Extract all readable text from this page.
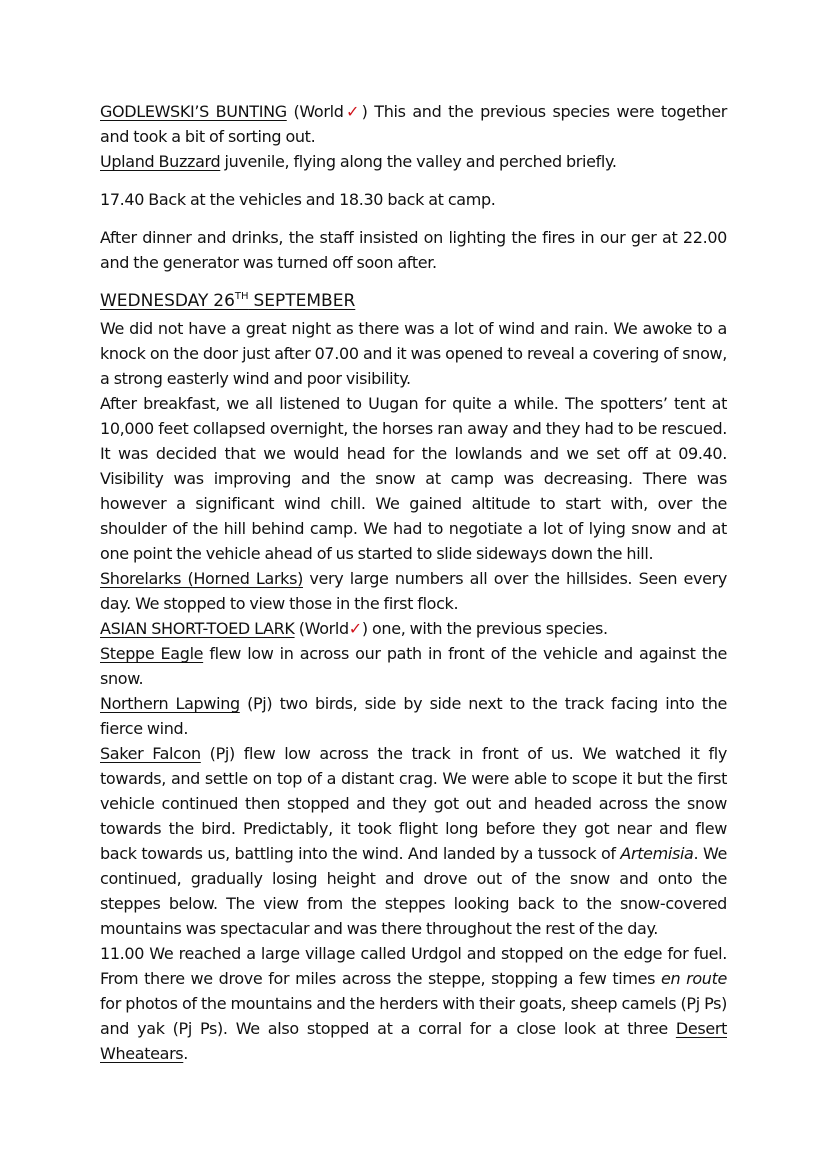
GODLEWSKI’S BUNTING (World✓) This and the previous species were together and took a bit of sorting out.

Upland Buzzard juvenile, flying along the valley and perched briefly.

17.40 Back at the vehicles and 18.30 back at camp.

After dinner and drinks, the staff insisted on lighting the fires in our ger at 22.00 and the generator was turned off soon after.

WEDNESDAY 26TH SEPTEMBER

We did not have a great night as there was a lot of wind and rain. We awoke to a knock on the door just after 07.00 and it was opened to reveal a covering of snow, a strong easterly wind and poor visibility.

After breakfast, we all listened to Uugan for quite a while. The spotters’ tent at 10,000 feet collapsed overnight, the horses ran away and they had to be rescued. It was decided that we would head for the lowlands and we set off at 09.40. Visibility was improving and the snow at camp was decreasing. There was however a significant wind chill. We gained altitude to start with, over the shoulder of the hill behind camp. We had to negotiate a lot of lying snow and at one point the vehicle ahead of us started to slide sideways down the hill.

Shorelarks (Horned Larks) very large numbers all over the hillsides. Seen every day. We stopped to view those in the first flock.

ASIAN SHORT-TOED LARK (World✓) one, with the previous species.

Steppe Eagle flew low in across our path in front of the vehicle and against the snow.

Northern Lapwing (Pj) two birds, side by side next to the track facing into the fierce wind.

Saker Falcon (Pj) flew low across the track in front of us. We watched it fly towards, and settle on top of a distant crag. We were able to scope it but the first vehicle continued then stopped and they got out and headed across the snow towards the bird. Predictably, it took flight long before they got near and flew back towards us, battling into the wind. And landed by a tussock of Artemisia. We continued, gradually losing height and drove out of the snow and onto the steppes below. The view from the steppes looking back to the snow-covered mountains was spectacular and was there throughout the rest of the day.

11.00 We reached a large village called Urdgol and stopped on the edge for fuel. From there we drove for miles across the steppe, stopping a few times en route for photos of the mountains and the herders with their goats, sheep camels (Pj Ps) and yak (Pj Ps). We also stopped at a corral for a close look at three Desert Wheatears.
